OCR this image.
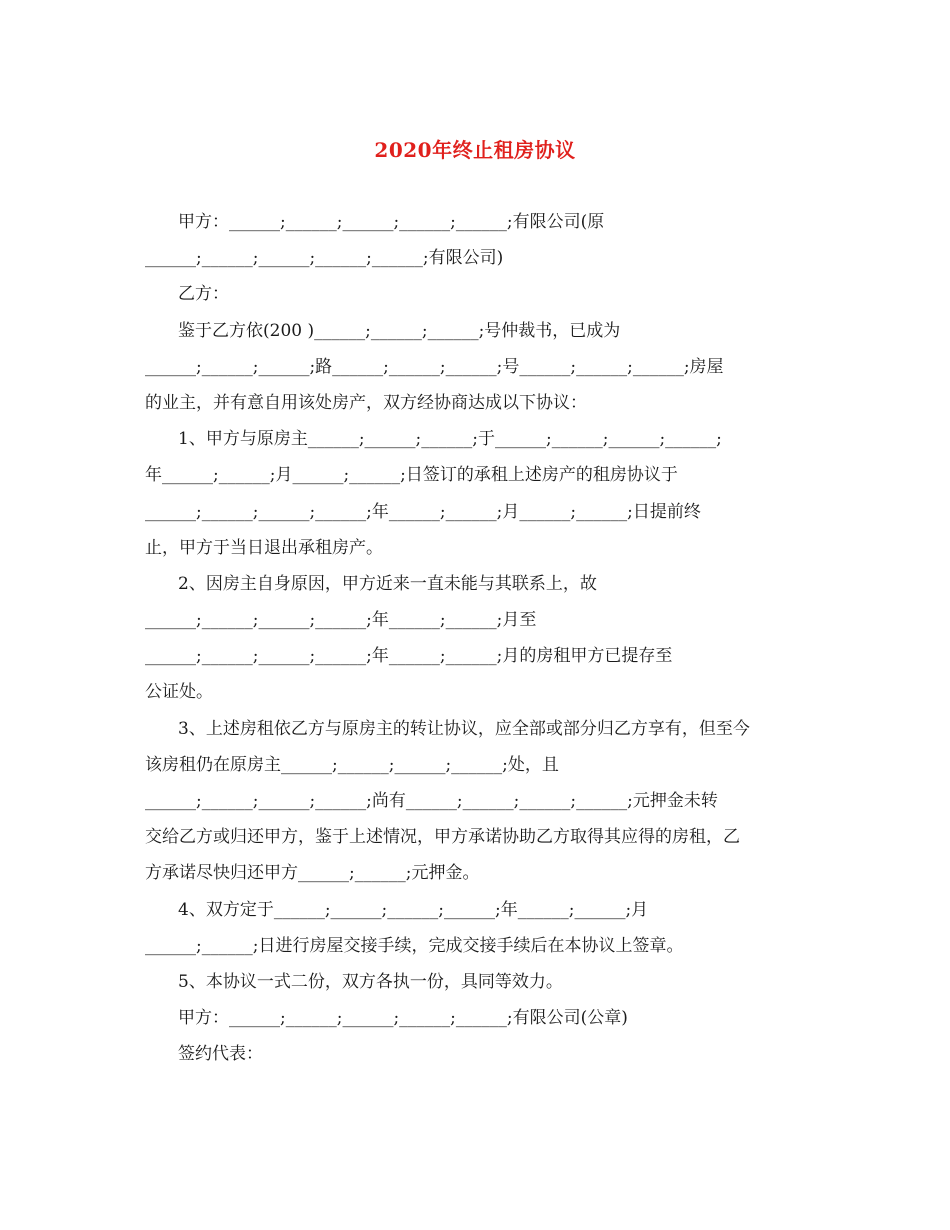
2020年终止租房协议
甲方：______;______;______;______;______;有限公司(原
______;______;______;______;______;有限公司)
乙方：
鉴于乙方依(200 )______;______;______;号仲裁书，已成为
______;______;______;路______;______;______;号______;______;______;房屋
的业主，并有意自用该处房产，双方经协商达成以下协议：
1、甲方与原房主______;______;______;于______;______;______;______;
年______;______;月______;______;日签订的承租上述房产的租房协议于
______;______;______;______;年______;______;月______;______;日提前终
止，甲方于当日退出承租房产。
2、因房主自身原因，甲方近来一直未能与其联系上，故
______;______;______;______;年______;______;月至
______;______;______;______;年______;______;月的房租甲方已提存至
公证处。
3、上述房租依乙方与原房主的转让协议，应全部或部分归乙方享有，但至今
该房租仍在原房主______;______;______;______;处，且
______;______;______;______;尚有______;______;______;______;元押金未转
交给乙方或归还甲方，鉴于上述情况，甲方承诺协助乙方取得其应得的房租，乙
方承诺尽快归还甲方______;______;元押金。
4、双方定于______;______;______;______;年______;______;月
______;______;日进行房屋交接手续，完成交接手续后在本协议上签章。
5、本协议一式二份，双方各执一份，具同等效力。
甲方：______;______;______;______;______;有限公司(公章)
签约代表：
